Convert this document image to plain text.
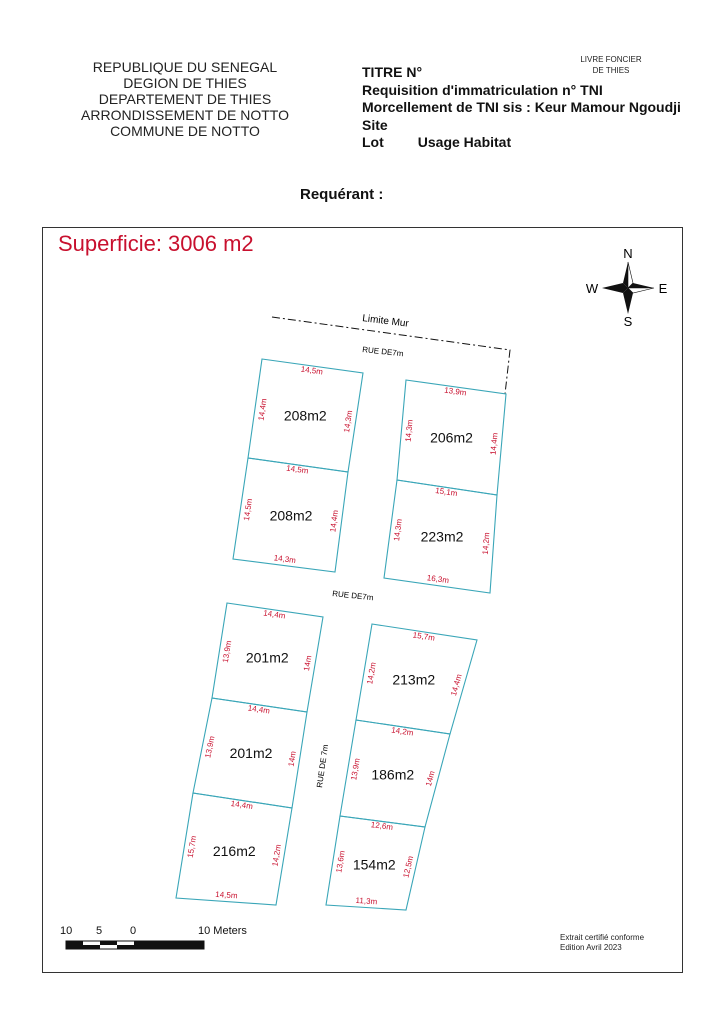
REPUBLIQUE DU SENEGAL
DEGION DE THIES
DEPARTEMENT DE THIES
ARRONDISSEMENT DE NOTTO
COMMUNE DE NOTTO
LIVRE FONCIER
DE THIES
TITRE N°
Requisition d'immatriculation n° TNI
Morcellement de TNI sis : Keur Mamour Ngoudji
Site
Lot Usage Habitat
Requérant :
Superficie: 3006 m2	N
S
E
W
Limite Mur
RUE DE7m
RUE DE7m
RUE DE 7m
208m2
14,5m
14,3m
14,4m
208m2
14,5m
14,4m
14,5m
14,3m
206m2
13,9m
14,4m
14,3m
223m2
15,1m
14,2m
14,3m
16,3m
201m2
14,4m
14m
13,9m
201m2
14,4m
14m
13,9m
216m2
14,4m
14,2m
15,7m
14,5m
213m2
15,7m
14,4m
14,2m
186m2
14,2m
14m
13,9m
154m2
12,6m
12,5m
13,6m
11,3m
10 5	0	10 Meters
Extrait certifié conforme
Edition Avril 2023
